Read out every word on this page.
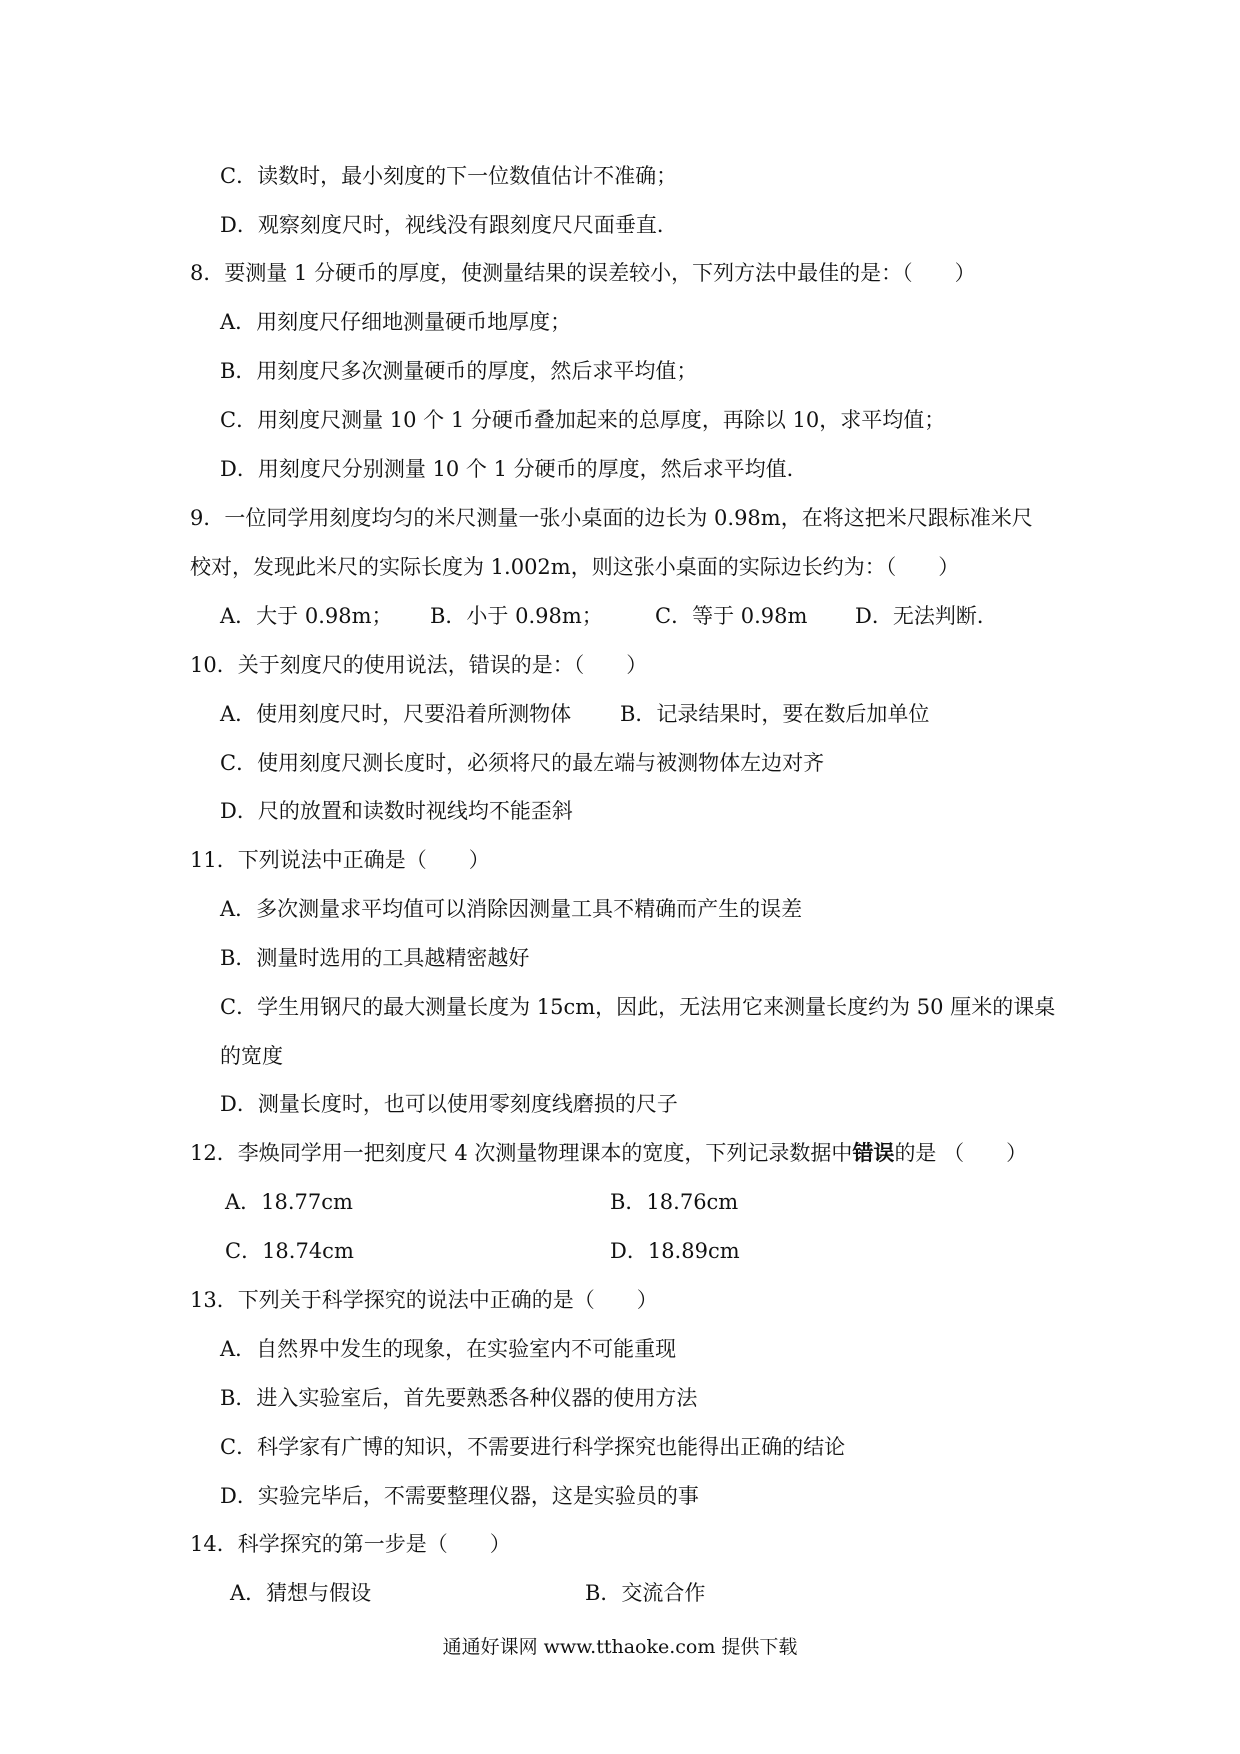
C．读数时，最小刻度的下一位数值估计不准确；
D．观察刻度尺时，视线没有跟刻度尺尺面垂直．
8．要测量 1 分硬币的厚度，使测量结果的误差较小，下列方法中最佳的是：（　　）
A．用刻度尺仔细地测量硬币地厚度；
B．用刻度尺多次测量硬币的厚度，然后求平均值；
C．用刻度尺测量 10 个 1 分硬币叠加起来的总厚度，再除以 10，求平均值；
D．用刻度尺分别测量 10 个 1 分硬币的厚度，然后求平均值．
9．一位同学用刻度均匀的米尺测量一张小桌面的边长为 0.98m，在将这把米尺跟标准米尺
校对，发现此米尺的实际长度为 1.002m，则这张小桌面的实际边长约为：（　　）
A．大于 0.98m； B．小于 0.98m； C．等于 0.98m D．无法判断．
10．关于刻度尺的使用说法，错误的是：（　　）
A．使用刻度尺时，尺要沿着所测物体 B．记录结果时，要在数后加单位
C．使用刻度尺测长度时，必须将尺的最左端与被测物体左边对齐
D．尺的放置和读数时视线均不能歪斜
11．下列说法中正确是（　　）
A．多次测量求平均值可以消除因测量工具不精确而产生的误差
B．测量时选用的工具越精密越好
C．学生用钢尺的最大测量长度为 15cm，因此，无法用它来测量长度约为 50 厘米的课桌
的宽度
D．测量长度时，也可以使用零刻度线磨损的尺子
12．李焕同学用一把刻度尺 4 次测量物理课本的宽度，下列记录数据中错误的是 （　　）
A．18.77cm	B．18.76cm
C．18.74cm	D．18.89cm
13．下列关于科学探究的说法中正确的是（　　）
A．自然界中发生的现象，在实验室内不可能重现
B．进入实验室后，首先要熟悉各种仪器的使用方法
C．科学家有广博的知识，不需要进行科学探究也能得出正确的结论
D．实验完毕后，不需要整理仪器，这是实验员的事
14．科学探究的第一步是（　　）
A．猜想与假设	B．交流合作
通通好课网 www.tthaoke.com 提供下载
